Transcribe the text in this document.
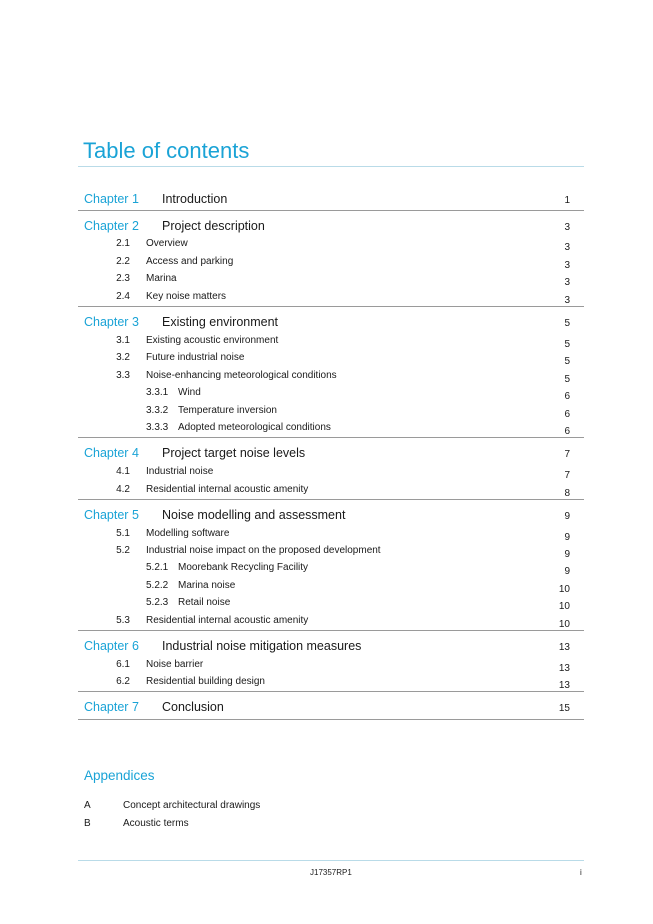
Table of contents
Chapter 1 Introduction	1
Chapter 2 Project description	3
2.1 Overview	3
2.2 Access and parking	3
2.3 Marina	3
2.4 Key noise matters	3
Chapter 3 Existing environment	5
3.1 Existing acoustic environment	5
3.2 Future industrial noise	5
3.3 Noise-enhancing meteorological conditions	5
3.3.1 Wind	6
3.3.2 Temperature inversion	6
3.3.3 Adopted meteorological conditions	6
Chapter 4 Project target noise levels	7
4.1 Industrial noise	7
4.2 Residential internal acoustic amenity	8
Chapter 5 Noise modelling and assessment	9
5.1 Modelling software	9
5.2 Industrial noise impact on the proposed development	9
5.2.1 Moorebank Recycling Facility	9
5.2.2 Marina noise	10
5.2.3 Retail noise	10
5.3 Residential internal acoustic amenity	10
Chapter 6 Industrial noise mitigation measures	13
6.1 Noise barrier	13
6.2 Residential building design	13
Chapter 7 Conclusion	15
Appendices
A	Concept architectural drawings
B	Acoustic terms
J17357RP1	i
